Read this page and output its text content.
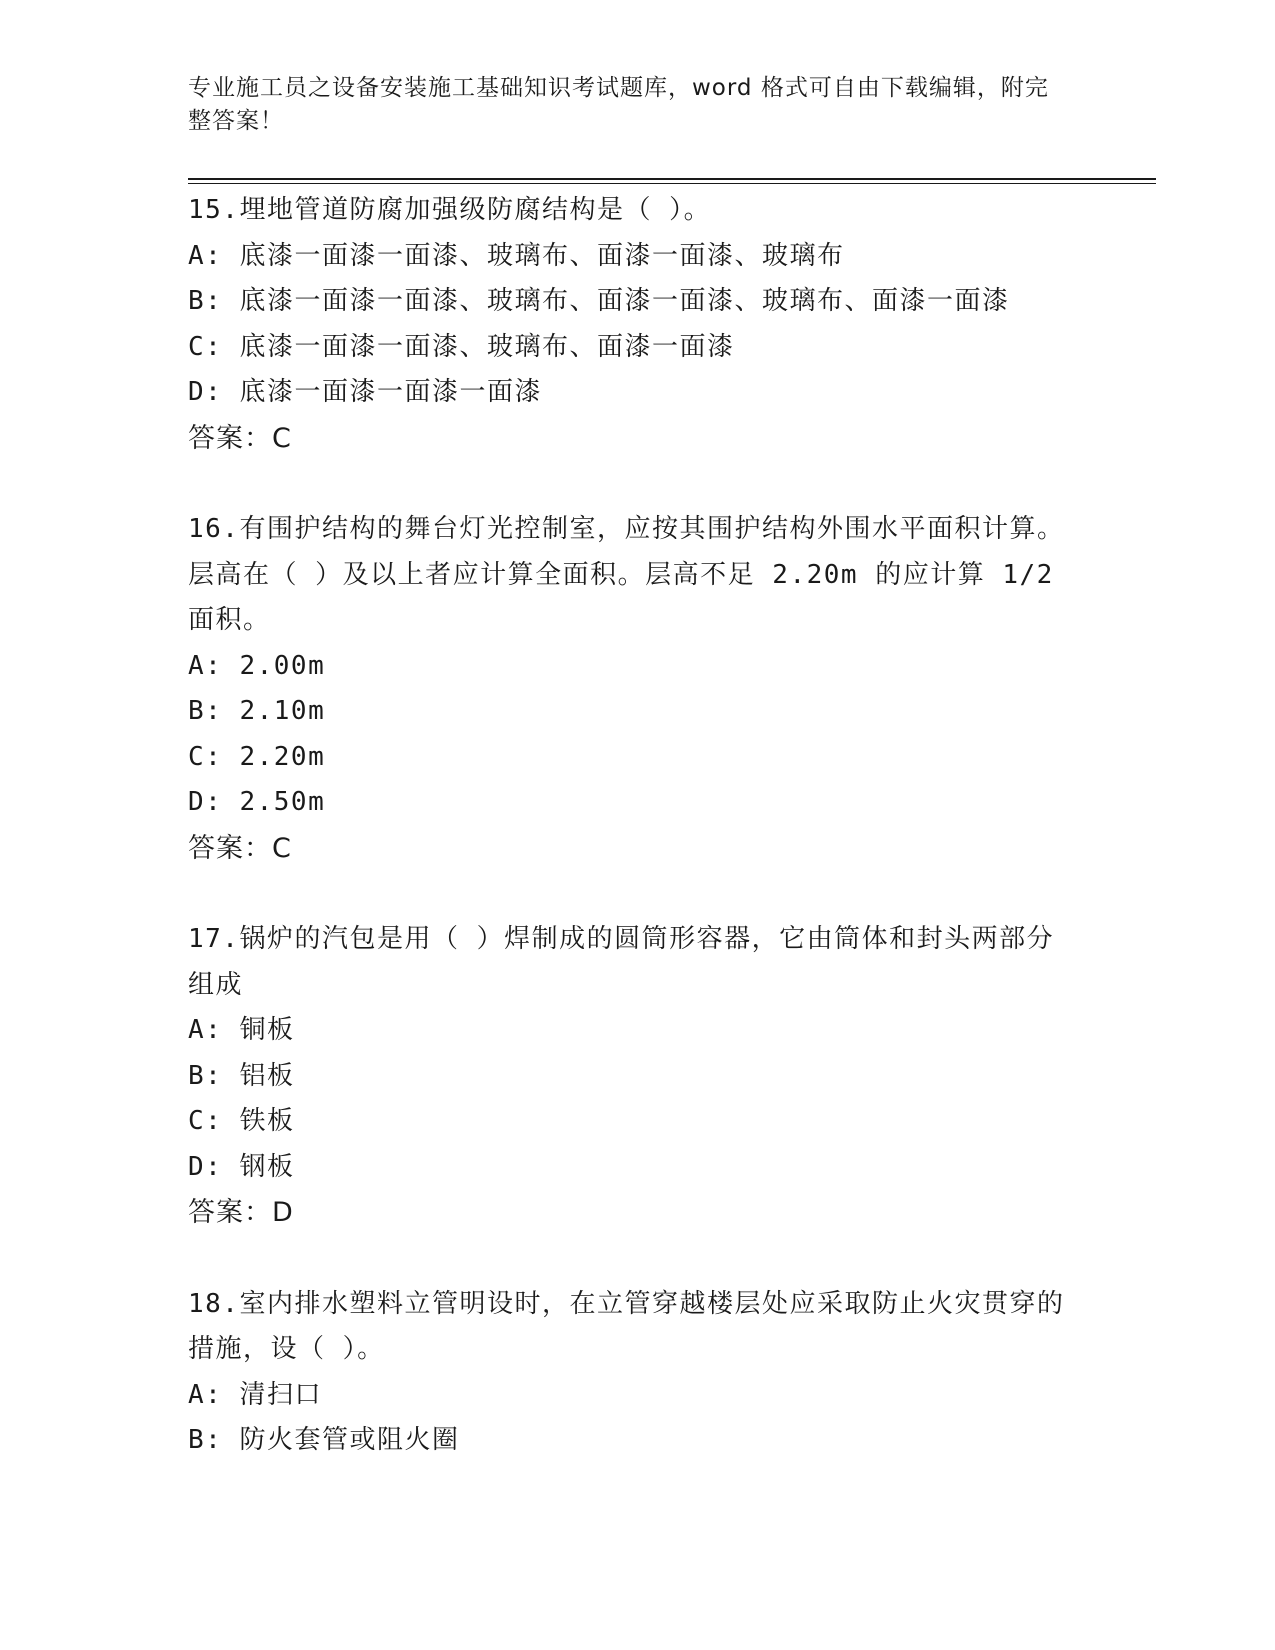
专业施工员之设备安装施工基础知识考试题库，word 格式可自由下载编辑，附完
整答案！
15.埋地管道防腐加强级防腐结构是（ ）。
A: 底漆一面漆一面漆、玻璃布、面漆一面漆、玻璃布
B: 底漆一面漆一面漆、玻璃布、面漆一面漆、玻璃布、面漆一面漆
C: 底漆一面漆一面漆、玻璃布、面漆一面漆
D: 底漆一面漆一面漆一面漆
答案：C
16.有围护结构的舞台灯光控制室，应按其围护结构外围水平面积计算。层高在（ ）及以上者应计算全面积。层高不足 2.20m 的应计算 1/2 面积。
A: 2.00m
B: 2.10m
C: 2.20m
D: 2.50m
答案：C
17.锅炉的汽包是用（ ）焊制成的圆筒形容器，它由筒体和封头两部分组成
A: 铜板
B: 铝板
C: 铁板
D: 钢板
答案：D
18.室内排水塑料立管明设时，在立管穿越楼层处应采取防止火灾贯穿的措施，设（ ）。
A: 清扫口
B: 防火套管或阻火圈
